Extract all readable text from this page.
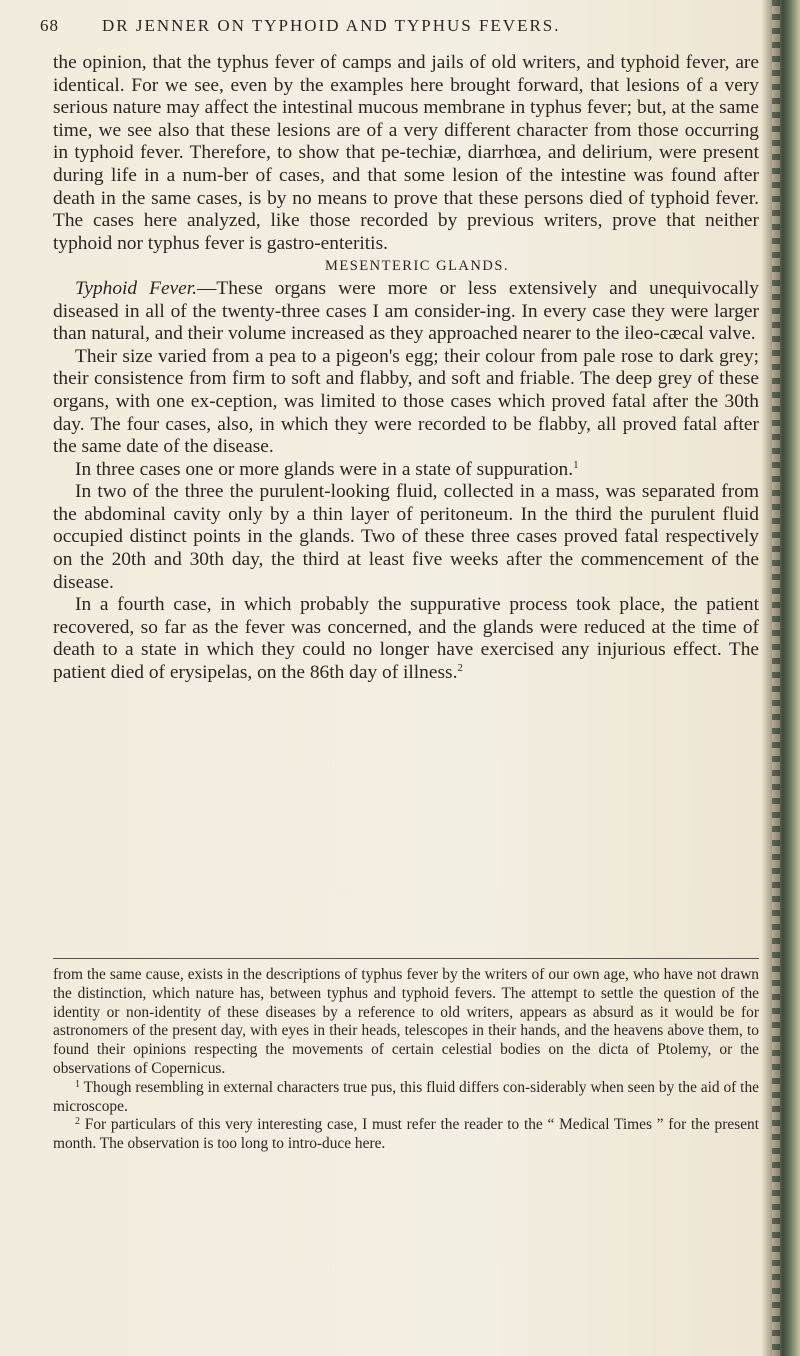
68	DR JENNER ON TYPHOID AND TYPHUS FEVERS.

the opinion, that the typhus fever of camps and jails of old writers, and typhoid fever, are identical. For we see, even by the examples here brought forward, that lesions of a very serious nature may affect the intestinal mucous membrane in typhus fever; but, at the same time, we see also that these lesions are of a very different character from those occurring in typhoid fever. Therefore, to show that pe-techiæ, diarrhœa, and delirium, were present during life in a num-ber of cases, and that some lesion of the intestine was found after death in the same cases, is by no means to prove that these persons died of typhoid fever. The cases here analyzed, like those recorded by previous writers, prove that neither typhoid nor typhus fever is gastro-enteritis.

MESENTERIC GLANDS.

Typhoid Fever.—These organs were more or less extensively and unequivocally diseased in all of the twenty-three cases I am consider-ing. In every case they were larger than natural, and their volume increased as they approached nearer to the ileo-cæcal valve.

Their size varied from a pea to a pigeon's egg; their colour from pale rose to dark grey; their consistence from firm to soft and flabby, and soft and friable. The deep grey of these organs, with one ex-ception, was limited to those cases which proved fatal after the 30th day. The four cases, also, in which they were recorded to be flabby, all proved fatal after the same date of the disease.

In three cases one or more glands were in a state of suppuration.$^1$

In two of the three the purulent-looking fluid, collected in a mass, was separated from the abdominal cavity only by a thin layer of peritoneum. In the third the purulent fluid occupied distinct points in the glands. Two of these three cases proved fatal respectively on the 20th and 30th day, the third at least five weeks after the commencement of the disease.

In a fourth case, in which probably the suppurative process took place, the patient recovered, so far as the fever was concerned, and the glands were reduced at the time of death to a state in which they could no longer have exercised any injurious effect. The patient died of erysipelas, on the 86th day of illness.$^2$

from the same cause, exists in the descriptions of typhus fever by the writers of our own age, who have not drawn the distinction, which nature has, between typhus and typhoid fevers. The attempt to settle the question of the identity or non-identity of these diseases by a reference to old writers, appears as absurd as it would be for astronomers of the present day, with eyes in their heads, telescopes in their hands, and the heavens above them, to found their opinions respecting the movements of certain celestial bodies on the dicta of Ptolemy, or the observations of Copernicus.

$^1$ Though resembling in external characters true pus, this fluid differs con-siderably when seen by the aid of the microscope.

$^2$ For particulars of this very interesting case, I must refer the reader to the “ Medical Times ” for the present month. The observation is too long to intro-duce here.
